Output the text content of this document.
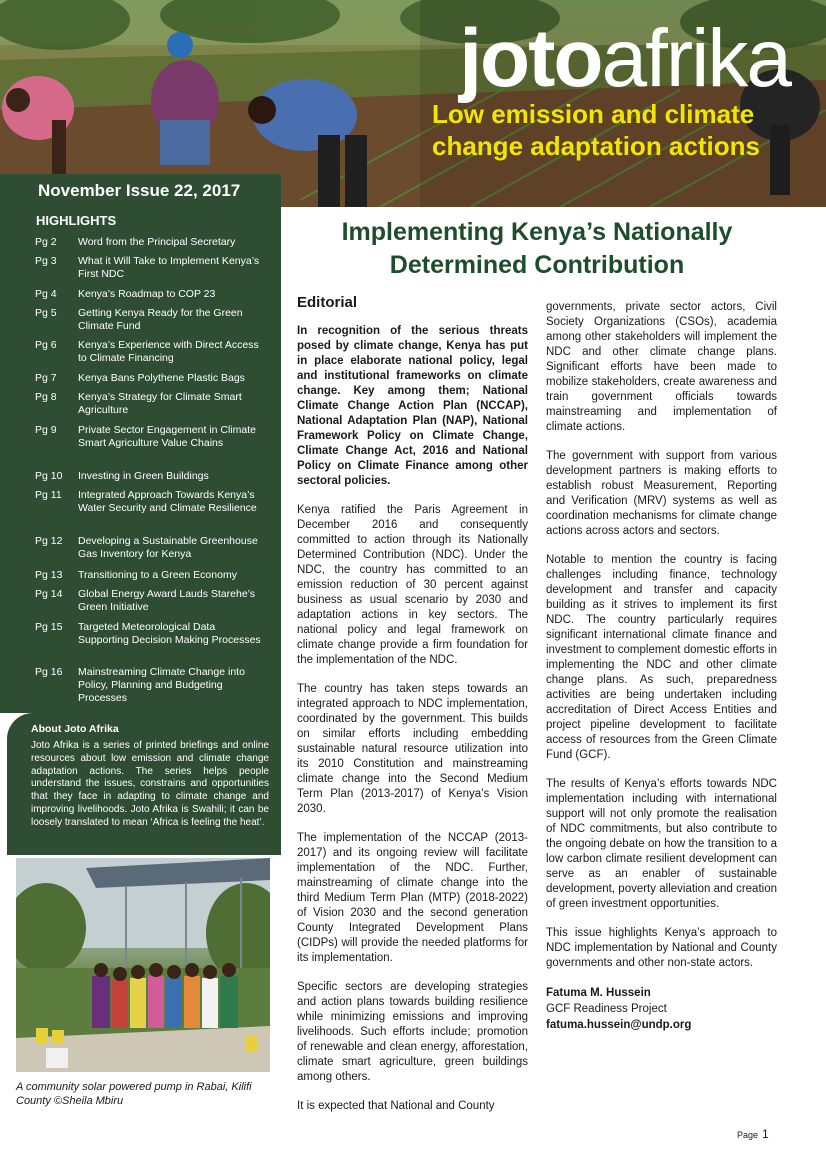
jotoafrika
Low emission and climate change adaptation actions
November Issue 22, 2017
HIGHLIGHTS
Pg 2 Word from the Principal Secretary
Pg 3 What it Will Take to Implement Kenya’s First NDC
Pg 4 Kenya’s Roadmap to COP 23
Pg 5 Getting Kenya Ready for the Green Climate Fund
Pg 6 Kenya’s Experience with Direct Access to Climate Financing
Pg 7 Kenya Bans Polythene Plastic Bags
Pg 8 Kenya’s Strategy for Climate Smart Agriculture
Pg 9 Private Sector Engagement in Climate Smart Agriculture Value Chains
Pg 10 Investing in Green Buildings
Pg 11 Integrated Approach Towards Kenya’s Water Security and Climate Resilience
Pg 12 Developing a Sustainable Greenhouse Gas Inventory for Kenya
Pg 13 Transitioning to a Green Economy
Pg 14 Global Energy Award Lauds Starehe’s Green Initiative
Pg 15 Targeted Meteorological Data Supporting Decision Making Processes
Pg 16 Mainstreaming Climate Change into Policy, Planning and Budgeting Processes
About Joto Afrika
Joto Afrika is a series of printed briefings and online resources about low emission and climate change adaptation actions. The series helps people understand the issues, constrains and opportunities that they face in adapting to climate change and improving livelihoods. Joto Afrika is Swahili; it can be loosely translated to mean ‘Africa is feeling the heat’.
A community solar powered pump in Rabai, Kilifi County ©Sheila Mbiru
Implementing Kenya’s Nationally Determined Contribution
Editorial

In recognition of the serious threats posed by climate change, Kenya has put in place elaborate national policy, legal and institutional frameworks on climate change. Key among them; National Climate Change Action Plan (NCCAP), National Adaptation Plan (NAP), National Framework Policy on Climate Change, Climate Change Act, 2016 and National Policy on Climate Finance among other sectoral policies.

Kenya ratified the Paris Agreement in December 2016 and consequently committed to action through its Nationally Determined Contribution (NDC). Under the NDC, the country has committed to an emission reduction of 30 percent against business as usual scenario by 2030 and adaptation actions in key sectors. The national policy and legal framework on climate change provide a firm foundation for the implementation of the NDC.

The country has taken steps towards an integrated approach to NDC implementation, coordinated by the government. This builds on similar efforts including embedding sustainable natural resource utilization into its 2010 Constitution and mainstreaming climate change into the Second Medium Term Plan (2013-2017) of Kenya’s Vision 2030.

The implementation of the NCCAP (2013-2017) and its ongoing review will facilitate implementation of the NDC. Further, mainstreaming of climate change into the third Medium Term Plan (MTP) (2018-2022) of Vision 2030 and the second generation County Integrated Development Plans (CIDPs) will provide the needed platforms for its implementation.

Specific sectors are developing strategies and action plans towards building resilience while minimizing emissions and improving livelihoods. Such efforts include; promotion of renewable and clean energy, afforestation, climate smart agriculture, green buildings among others.

It is expected that National and County

governments, private sector actors, Civil Society Organizations (CSOs), academia among other stakeholders will implement the NDC and other climate change plans. Significant efforts have been made to mobilize stakeholders, create awareness and train government officials towards mainstreaming and implementation of climate actions.

The government with support from various development partners is making efforts to establish robust Measurement, Reporting and Verification (MRV) systems as well as coordination mechanisms for climate change actions across actors and sectors.

Notable to mention the country is facing challenges including finance, technology development and transfer and capacity building as it strives to implement its first NDC. The country particularly requires significant international climate finance and investment to complement domestic efforts in implementing the NDC and other climate change plans. As such, preparedness activities are being undertaken including accreditation of Direct Access Entities and project pipeline development to facilitate access of resources from the Green Climate Fund (GCF).

The results of Kenya’s efforts towards NDC implementation including with international support will not only promote the realisation of NDC commitments, but also contribute to the ongoing debate on how the transition to a low carbon climate resilient development can serve as an enabler of sustainable development, poverty alleviation and creation of green investment opportunities.

This issue highlights Kenya’s approach to NDC implementation by National and County governments and other non-state actors.

Fatuma M. Hussein
GCF Readiness Project
fatuma.hussein@undp.org
Page 1
